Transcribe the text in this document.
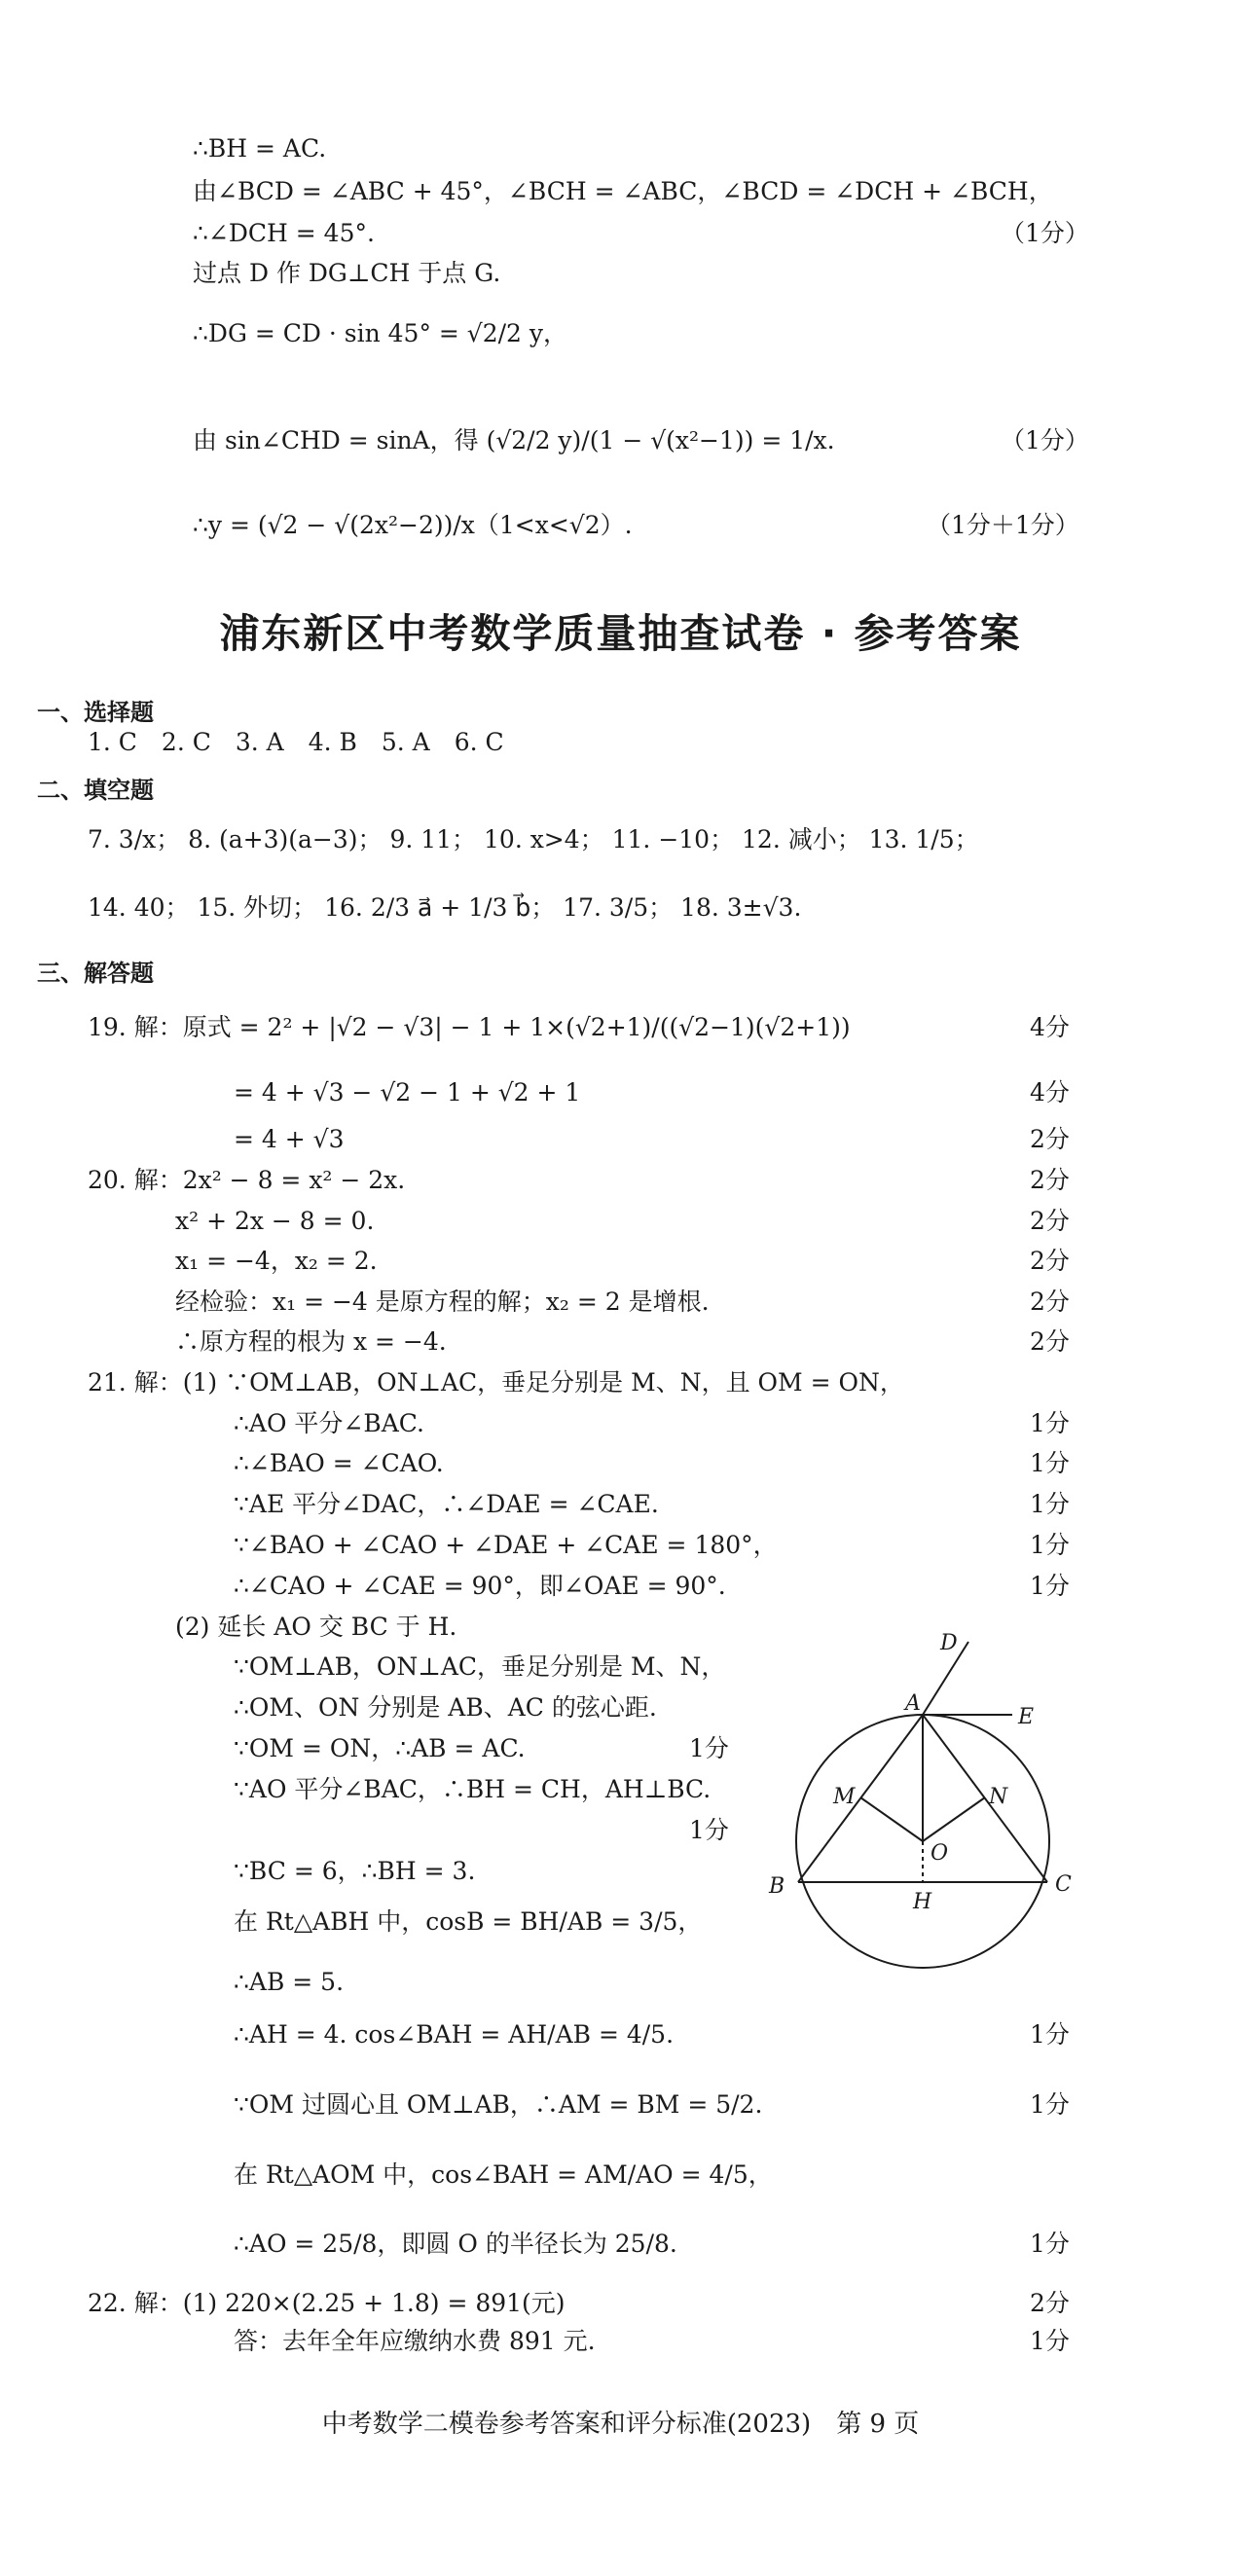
∴BH = AC.
由∠BCD = ∠ABC + 45°，∠BCH = ∠ABC，∠BCD = ∠DCH + ∠BCH，
∴∠DCH = 45°.	（1分）
过点 D 作 DG⊥CH 于点 G.
∴DG = CD · sin 45° = √2/2 y，
由 sin∠CHD = sinA，得 (√2/2 y)/(1 − √(x²−1)) = 1/x.	（1分）
∴y = (√2 − √(2x²−2))/x（1<x<√2）.	（1分＋1分）
浦东新区中考数学质量抽查试卷 · 参考答案
一、选择题
1. C　2. C　3. A　4. B　5. A　6. C
二、填空题
7. 3/x； 8. (a+3)(a−3)； 9. 11； 10. x>4； 11. −10； 12. 减小； 13. 1/5；
14. 40； 15. 外切； 16. 2/3 a⃗ + 1/3 b⃗； 17. 3/5； 18. 3±√3.
三、解答题
19. 解：原式 = 2² + |√2 − √3| − 1 + 1×(√2+1)/((√2−1)(√2+1))	4分
= 4 + √3 − √2 − 1 + √2 + 1	4分
= 4 + √3	2分
20. 解：2x² − 8 = x² − 2x.	2分
x² + 2x − 8 = 0.	2分
x₁ = −4，x₂ = 2.	2分
经检验：x₁ = −4 是原方程的解；x₂ = 2 是增根.	2分
∴原方程的根为 x = −4.	2分
21. 解：(1) ∵OM⊥AB，ON⊥AC，垂足分别是 M、N，且 OM = ON，
∴AO 平分∠BAC.	1分
∴∠BAO = ∠CAO.	1分
∵AE 平分∠DAC，∴∠DAE = ∠CAE.	1分
∵∠BAO + ∠CAO + ∠DAE + ∠CAE = 180°，	1分
∴∠CAO + ∠CAE = 90°，即∠OAE = 90°.	1分
(2) 延长 AO 交 BC 于 H.
∵OM⊥AB，ON⊥AC，垂足分别是 M、N，
∴OM、ON 分别是 AB、AC 的弦心距.
∵OM = ON，∴AB = AC.	1分
∵AO 平分∠BAC，∴BH = CH，AH⊥BC.
1分
∵BC = 6，∴BH = 3.
在 Rt△ABH 中，cosB = BH/AB = 3/5，
∴AB = 5.
∴AH = 4. cos∠BAH = AH/AB = 4/5.	1分
∵OM 过圆心且 OM⊥AB，∴AM = BM = 5/2.	1分
在 Rt△AOM 中，cos∠BAH = AM/AO = 4/5，
∴AO = 25/8，即圆 O 的半径长为 25/8.	1分
22. 解：(1) 220×(2.25 + 1.8) = 891(元)	2分
答：去年全年应缴纳水费 891 元.	1分
D
A
E
M	N
O
B	C
H
中考数学二模卷参考答案和评分标准(2023)　第 9 页
